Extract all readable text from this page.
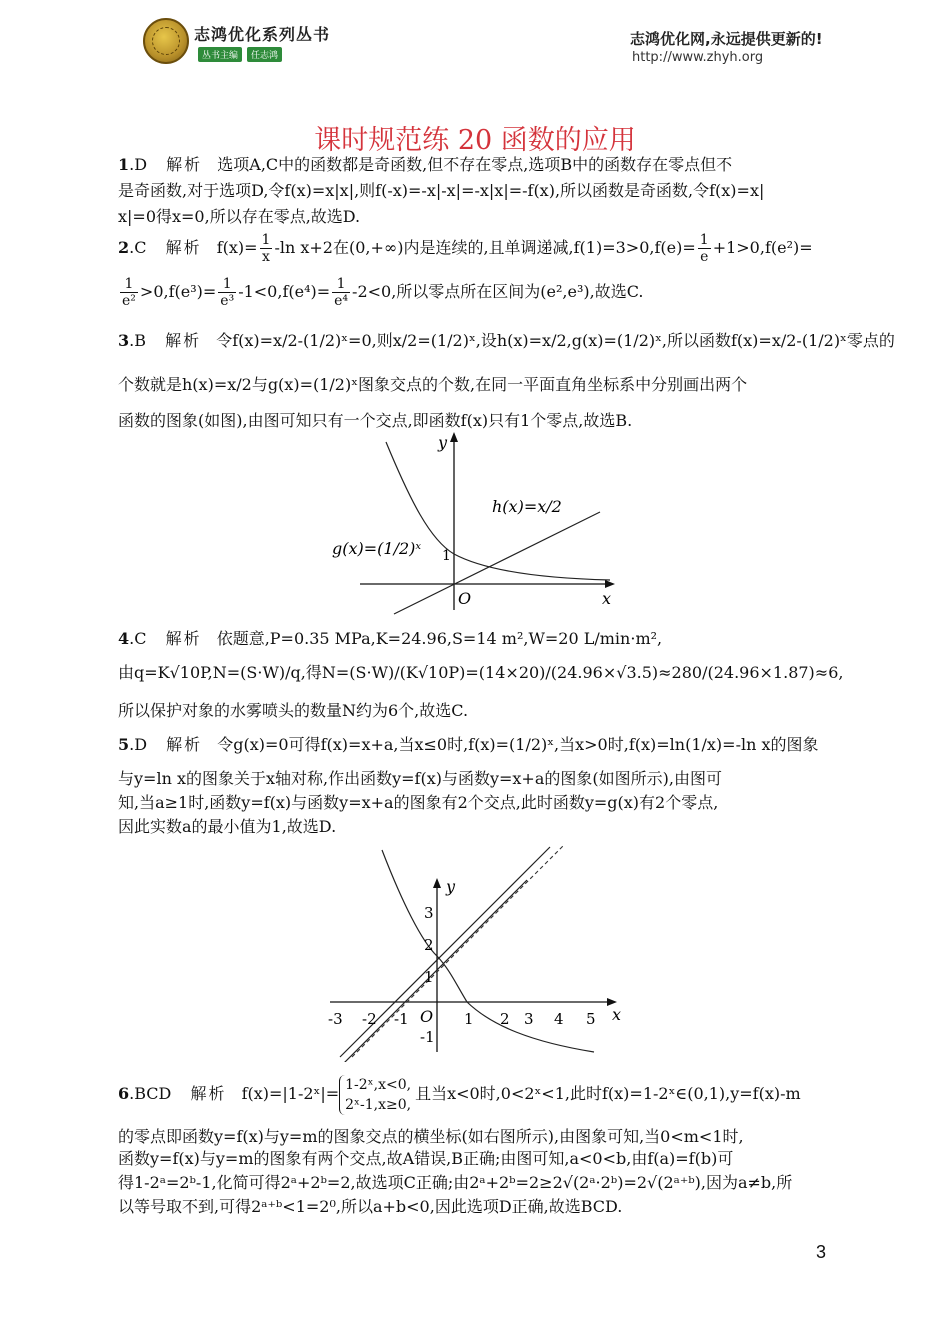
志鸿优化系列丛书
丛书主编	任志鸿
志鸿优化网,永远提供更新的!
http://www.zhyh.org
课时规范练 20 函数的应用
1.D 解析 选项A,C中的函数都是奇函数,但不存在零点,选项B中的函数存在零点但不
是奇函数,对于选项D,令f(x)=x|x|,则f(-x)=-x|-x|=-x|x|=-f(x),所以函数是奇函数,令f(x)=x|
x|=0得x=0,所以存在零点,故选D.
2.C 解析 $f(x)= \frac{1}{x} -\ln$ x+2在(0,+∞)内是连续的,且单调递减$,f(1)=3>0,f(e)= \frac{1}{e} +1>0,f(e^2)=$
$\frac{1}{\text{e²}} >0,f(e^3)= \frac{1}{\text{e³}} -1<0,f(e^4)= \frac{1}{\text{e⁴}} -2<0$,所以零点所在区间为(e²,e³),故选C.
3.B 解析 令f(x)=x/2-(1/2)ˣ=0,则x/2=(1/2)ˣ,设h(x)=x/2,g(x)=(1/2)ˣ,所以函数f(x)=x/2-(1/2)ˣ零点的
个数就是h(x)=x/2与g(x)=(1/2)ˣ图象交点的个数,在同一平面直角坐标系中分别画出两个
函数的图象(如图),由图可知只有一个交点,即函数f(x)只有1个零点,故选B.
y
x
O
1
h(x)=x/2
g(x)=(1/2)ˣ
4.C 解析 依题意,P=0.35 MPa,K=24.96,S=14 m²,W=20 L/min·m²,
由q=K√10P,N=(S·W)/q,得N=(S·W)/(K√10P)=(14×20)/(24.96×√3.5)≈280/(24.96×1.87)≈6,
所以保护对象的水雾喷头的数量N约为6个,故选C.
5.D 解析 令g(x)=0可得f(x)=x+a,当x≤0时,f(x)=(1/2)ˣ,当x>0时,f(x)=ln(1/x)=-ln x的图象
与y=ln x的图象关于x轴对称,作出函数y=f(x)与函数y=x+a的图象(如图所示),由图可
知,当a≥1时,函数y=f(x)与函数y=x+a的图象有2个交点,此时函数y=g(x)有2个零点,
因此实数a的最小值为1,故选D.
y
x
O
-3 -2 -1	1 2 3 4 5
3
2
1
-1
6.BCD 解析 f(x)=|1-2ˣ|= 1-2ˣ,x<0,
2ˣ-1,x≥0,
且当x<0时,0<2ˣ<1,此时f(x)=1-2ˣ∈(0,1),y=f(x)-m
的零点即函数y=f(x)与y=m的图象交点的横坐标(如右图所示),由图象可知,当0<m<1时,
函数y=f(x)与y=m的图象有两个交点,故A错误,B正确;由图可知,a<0<b,由f(a)=f(b)可
得1-2ᵃ=2ᵇ-1,化简可得2ᵃ+2ᵇ=2,故选项C正确;由2ᵃ+2ᵇ=2≥2√(2ᵃ·2ᵇ)=2√(2ᵃ⁺ᵇ),因为a≠b,所
以等号取不到,可得2ᵃ⁺ᵇ<1=2⁰,所以a+b<0,因此选项D正确,故选BCD.
3
